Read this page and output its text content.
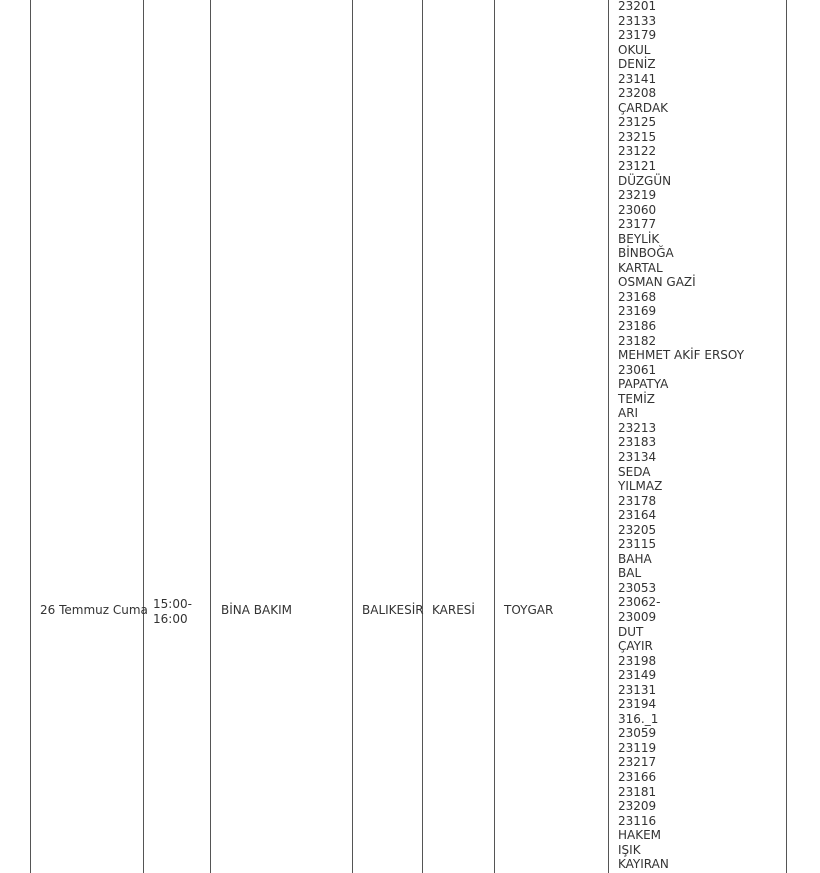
26 Temmuz Cuma 15:00-
16:00
BİNA BAKIM	BALIKESİR KARESİ TOYGAR
23201
23133
23179
OKUL
DENİZ
23141
23208
ÇARDAK
23125
23215
23122
23121
DÜZGÜN
23219
23060
23177
BEYLİK
BİNBOĞA
KARTAL
OSMAN GAZİ
23168
23169
23186
23182
MEHMET AKİF ERSOY
23061
PAPATYA
TEMİZ
ARI
23213
23183
23134
SEDA
YILMAZ
23178
23164
23205
23115
BAHA
BAL
23053
23062-
23009
DUT
ÇAYIR
23198
23149
23131
23194
316._1
23059
23119
23217
23166
23181
23209
23116
HAKEM
IŞIK
KAYIRAN
